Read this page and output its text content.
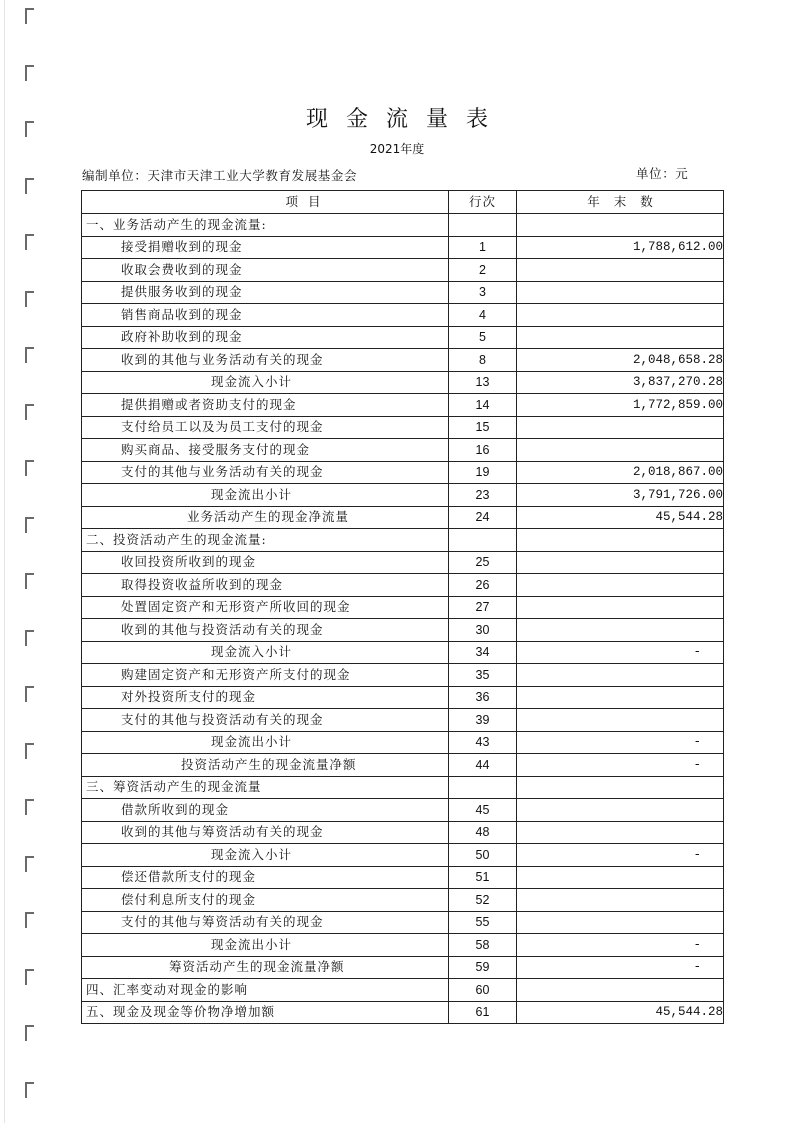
现金流量表
2021年度
编制单位：天津市天津工业大学教育发展基金会	单位：元
项目	行次	年末数
一、业务活动产生的现金流量:		
接受捐赠收到的现金	1	1,788,612.00
收取会费收到的现金	2	
提供服务收到的现金	3	
销售商品收到的现金	4	
政府补助收到的现金	5	
收到的其他与业务活动有关的现金	8	2,048,658.28
现金流入小计	13	3,837,270.28
提供捐赠或者资助支付的现金	14	1,772,859.00
支付给员工以及为员工支付的现金	15	
购买商品、接受服务支付的现金	16	
支付的其他与业务活动有关的现金	19	2,018,867.00
现金流出小计	23	3,791,726.00
业务活动产生的现金净流量	24	45,544.28
二、投资活动产生的现金流量:		
收回投资所收到的现金	25	
取得投资收益所收到的现金	26	
处置固定资产和无形资产所收回的现金	27	
收到的其他与投资活动有关的现金	30	
现金流入小计	34	-
购建固定资产和无形资产所支付的现金	35	
对外投资所支付的现金	36	
支付的其他与投资活动有关的现金	39	
现金流出小计	43	-
投资活动产生的现金流量净额	44	-
三、筹资活动产生的现金流量		
借款所收到的现金	45	
收到的其他与筹资活动有关的现金	48	
现金流入小计	50	-
偿还借款所支付的现金	51	
偿付利息所支付的现金	52	
支付的其他与筹资活动有关的现金	55	
现金流出小计	58	-
筹资活动产生的现金流量净额	59	-
四、汇率变动对现金的影响	60	
五、现金及现金等价物净增加额	61	45,544.28
